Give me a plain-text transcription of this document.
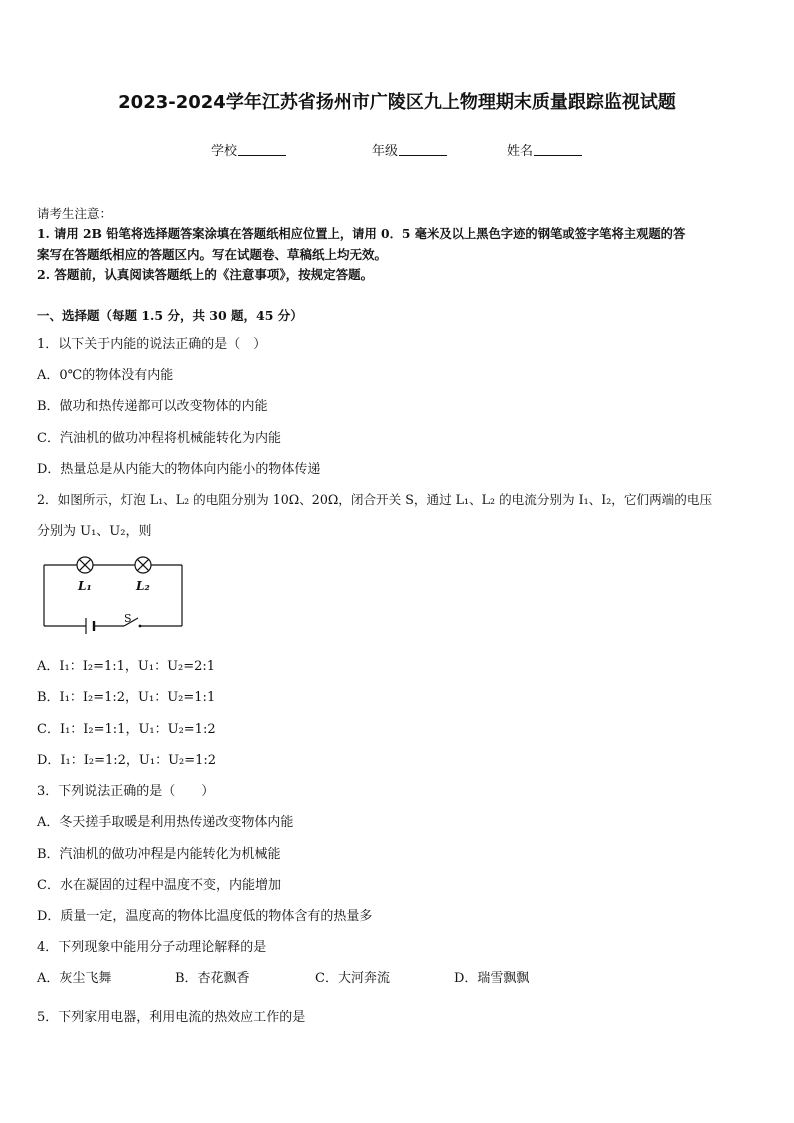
2023-2024学年江苏省扬州市广陵区九上物理期末质量跟踪监视试题
学校	年级	姓名
请考生注意：
1. 请用 2B 铅笔将选择题答案涂填在答题纸相应位置上，请用 0．5 毫米及以上黑色字迹的钢笔或签字笔将主观题的答
案写在答题纸相应的答题区内。写在试题卷、草稿纸上均无效。
2. 答题前，认真阅读答题纸上的《注意事项》，按规定答题。
一、选择题（每题 1.5 分，共 30 题，45 分）
1．以下关于内能的说法正确的是（　）
A．0℃的物体没有内能
B．做功和热传递都可以改变物体的内能
C．汽油机的做功冲程将机械能转化为内能
D．热量总是从内能大的物体向内能小的物体传递
2．如图所示，灯泡 L₁、L₂ 的电阻分别为 10Ω、20Ω，闭合开关 S，通过 L₁、L₂ 的电流分别为 I₁、I₂，它们两端的电压
分别为 U₁、U₂，则
L₁	L₂
S
A．I₁：I₂=1:1，U₁：U₂=2:1
B．I₁：I₂=1:2，U₁：U₂=1:1
C．I₁：I₂=1:1，U₁：U₂=1:2
D．I₁：I₂=1:2，U₁：U₂=1:2
3．下列说法正确的是（　　）
A．冬天搓手取暖是利用热传递改变物体内能
B．汽油机的做功冲程是内能转化为机械能
C．水在凝固的过程中温度不变，内能增加
D．质量一定，温度高的物体比温度低的物体含有的热量多
4．下列现象中能用分子动理论解释的是
A．灰尘飞舞	B．杏花飘香	C．大河奔流	D．瑞雪飘飘
5．下列家用电器，利用电流的热效应工作的是
